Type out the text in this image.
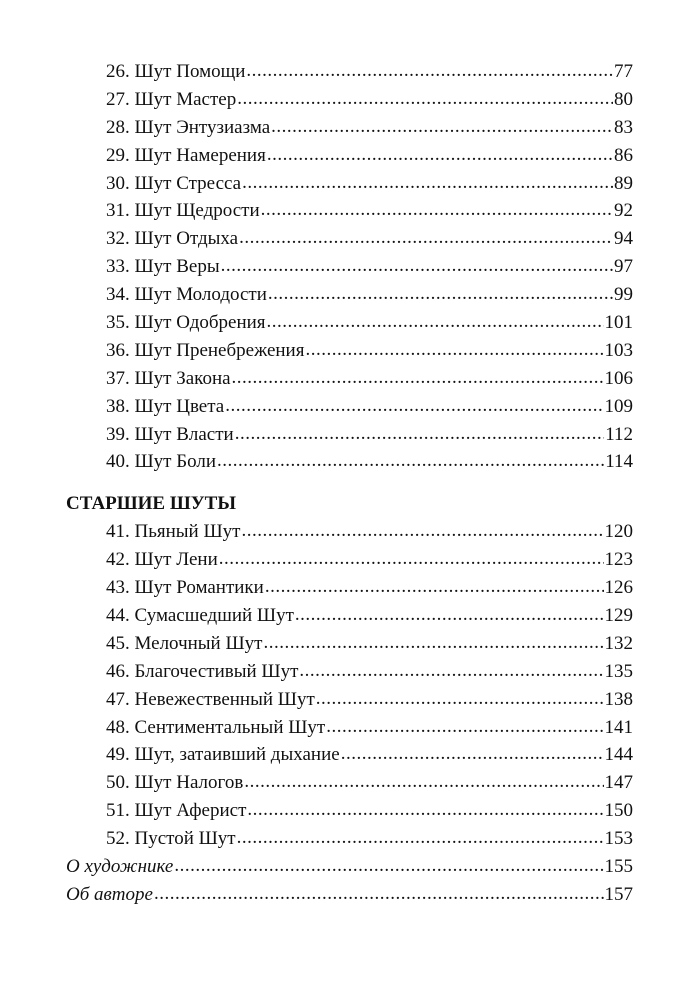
26. Шут Помощи .....	77
27. Шут Мастер .....	80
28. Шут Энтузиазма .....	83
29. Шут Намерения .....	86
30. Шут Стресса .....	89
31. Шут Щедрости .....	92
32. Шут Отдыха .....	94
33. Шут Веры .....	97
34. Шут Молодости .....	99
35. Шут Одобрения .....	101
36. Шут Пренебрежения .....	103
37. Шут Закона .....	106
38. Шут Цвета .....	109
39. Шут Власти .....	112
40. Шут Боли .....	114
СТАРШИЕ ШУТЫ
41. Пьяный Шут .....	120
42. Шут Лени .....	123
43. Шут Романтики .....	126
44. Сумасшедший Шут .....	129
45. Мелочный Шут .....	132
46. Благочестивый Шут .....	135
47. Невежественный Шут .....	138
48. Сентиментальный Шут .....	141
49. Шут, затаивший дыхание .....	144
50. Шут Налогов .....	147
51. Шут Аферист .....	150
52. Пустой Шут .....	153
О художнике .....	155
Об авторе .....	157
